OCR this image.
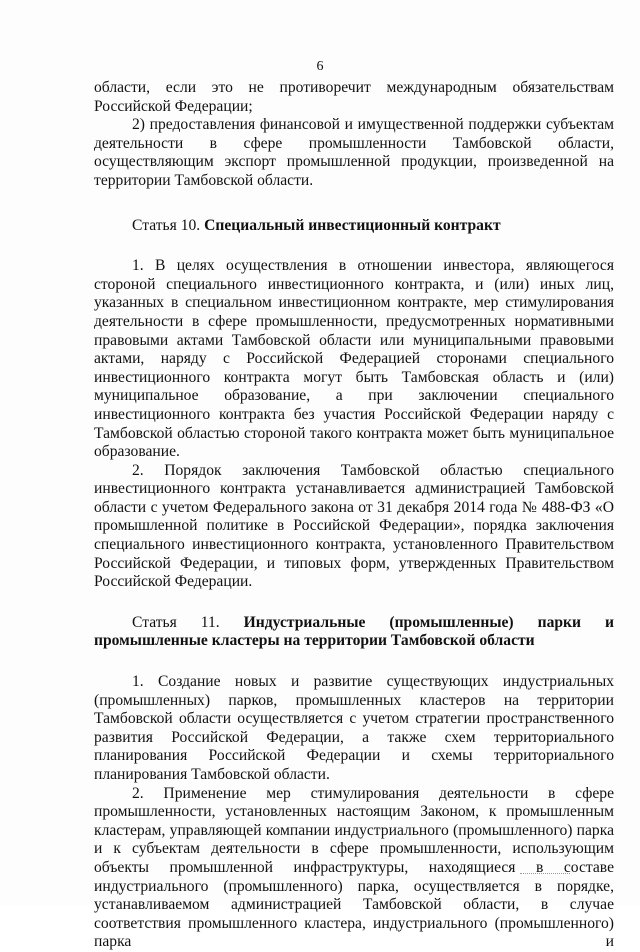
6

области, если это не противоречит международным обязательствам

Российской Федерации;

2) предоставления финансовой и имущественной поддержки субъектам деятельности в сфере промышленности Тамбовской области, осуществляющим экспорт промышленной продукции, произведенной на территории Тамбовской области.

Статья 10. Специальный инвестиционный контракт

1. В целях осуществления в отношении инвестора, являющегося стороной специального инвестиционного контракта, и (или) иных лиц, указанных в специальном инвестиционном контракте, мер стимулирования деятельности в сфере промышленности, предусмотренных нормативными правовыми актами Тамбовской области или муниципальными правовыми актами, наряду с Российской Федерацией сторонами специального инвестиционного контракта могут быть Тамбовская область и (или) муниципальное образование, а при заключении специального инвестиционного контракта без участия Российской Федерации наряду с Тамбовской областью стороной такого контракта может быть муниципальное образование.

2. Порядок заключения Тамбовской областью специального инвестиционного контракта устанавливается администрацией Тамбовской области с учетом Федерального закона от 31 декабря 2014 года № 488-ФЗ «О промышленной политике в Российской Федерации», порядка заключения специального инвестиционного контракта, установленного Правительством Российской Федерации, и типовых форм, утвержденных Правительством Российской Федерации.

Статья 11. Индустриальные (промышленные) парки и
промышленные кластеры на территории Тамбовской области

1. Создание новых и развитие существующих индустриальных (промышленных) парков, промышленных кластеров на территории Тамбовской области осуществляется с учетом стратегии пространственного развития Российской Федерации, а также схем территориального планирования Российской Федерации и схемы территориального планирования Тамбовской области.

2. Применение мер стимулирования деятельности в сфере промышленности, установленных настоящим Законом, к промышленным кластерам, управляющей компании индустриального (промышленного) парка и к субъектам деятельности в сфере промышленности, использующим объекты промышленной инфраструктуры, находящиеся в составе индустриального (промышленного) парка, осуществляется в порядке, устанавливаемом администрацией Тамбовской области, в случае соответствия промышленного кластера, индустриального (промышленного) парка и
